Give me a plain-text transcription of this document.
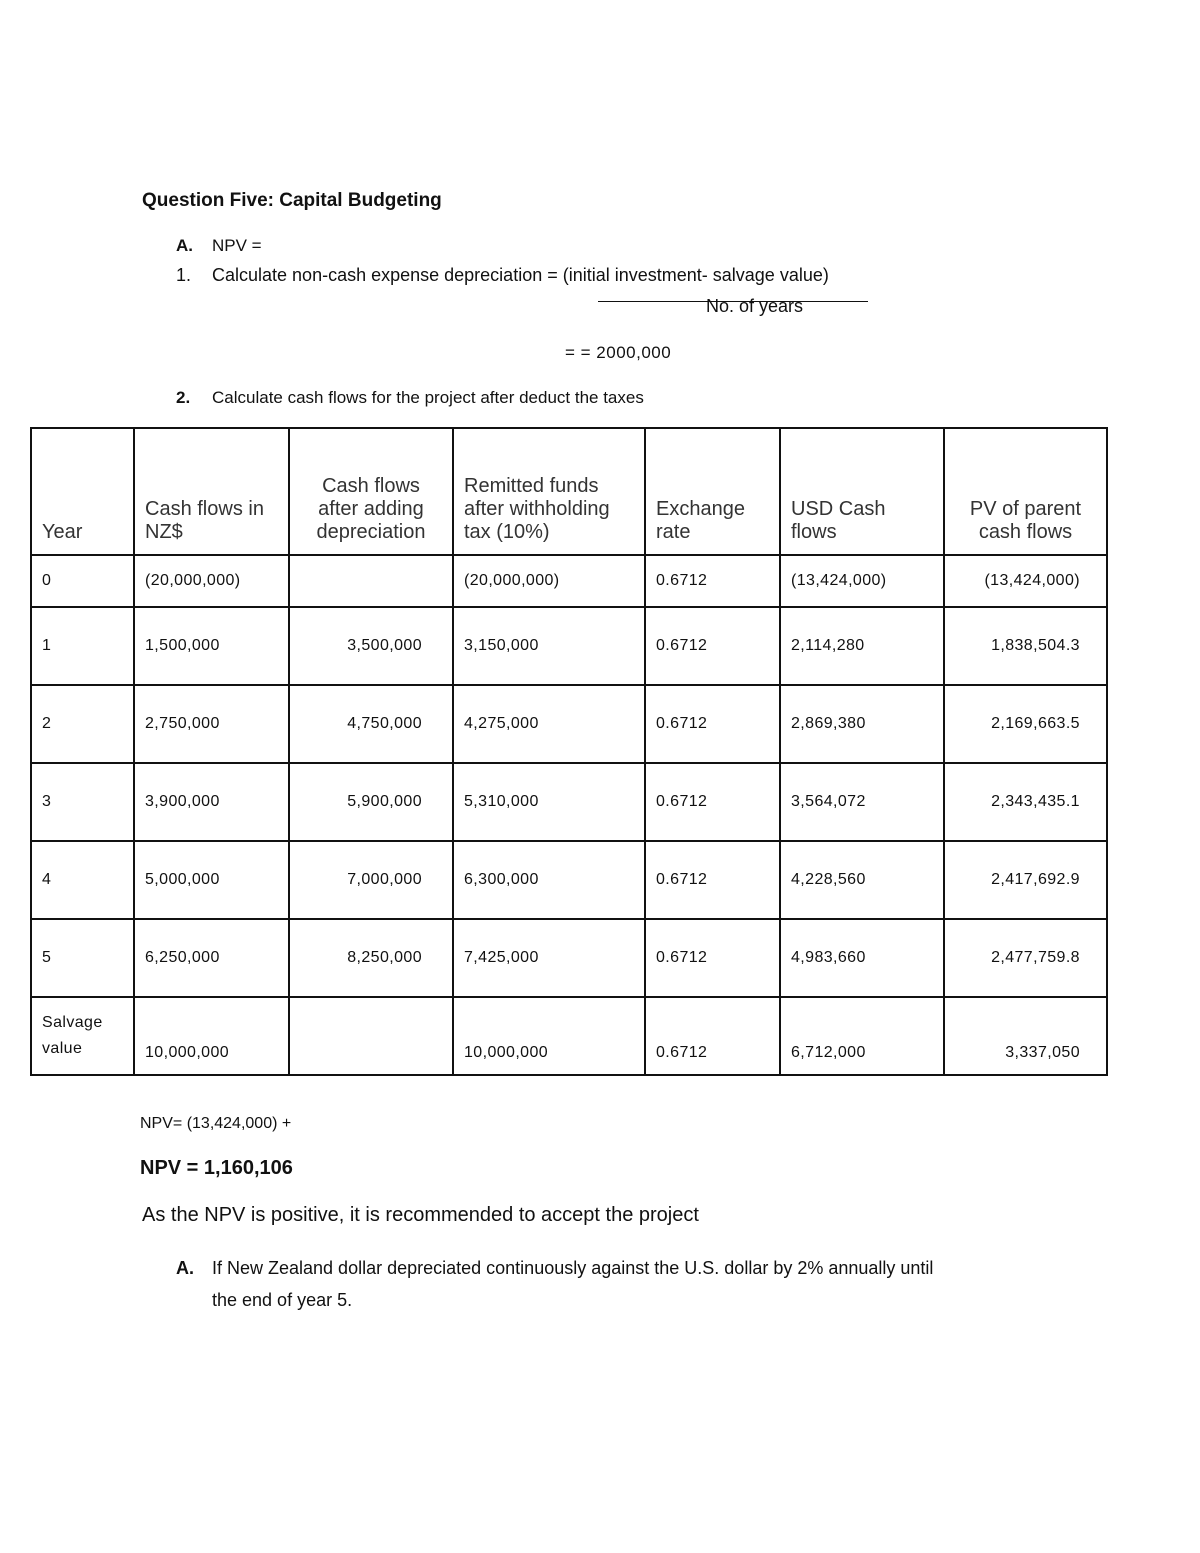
Question Five: Capital Budgeting
A. NPV =
1. Calculate non-cash expense depreciation = (initial investment- salvage value)
No. of years
= = 2000,000
2. Calculate cash flows for the project after deduct the taxes
Year	Cash flows in NZ$	Cash flows after adding depreciation	Remitted funds after withholding tax (10%)	Exchange rate	USD Cash flows	PV of parent cash flows
0	(20,000,000)		(20,000,000)	0.6712	(13,424,000)	(13,424,000)
1	1,500,000	3,500,000	3,150,000	0.6712	2,114,280	1,838,504.3
2	2,750,000	4,750,000	4,275,000	0.6712	2,869,380	2,169,663.5
3	3,900,000	5,900,000	5,310,000	0.6712	3,564,072	2,343,435.1
4	5,000,000	7,000,000	6,300,000	0.6712	4,228,560	2,417,692.9
5	6,250,000	8,250,000	7,425,000	0.6712	4,983,660	2,477,759.8
Salvage value	10,000,000		10,000,000	0.6712	6,712,000	3,337,050
NPV= (13,424,000) +
NPV = 1,160,106
As the NPV is positive, it is recommended to accept the project
A. If New Zealand dollar depreciated continuously against the U.S. dollar by 2% annually until
the end of year 5.
